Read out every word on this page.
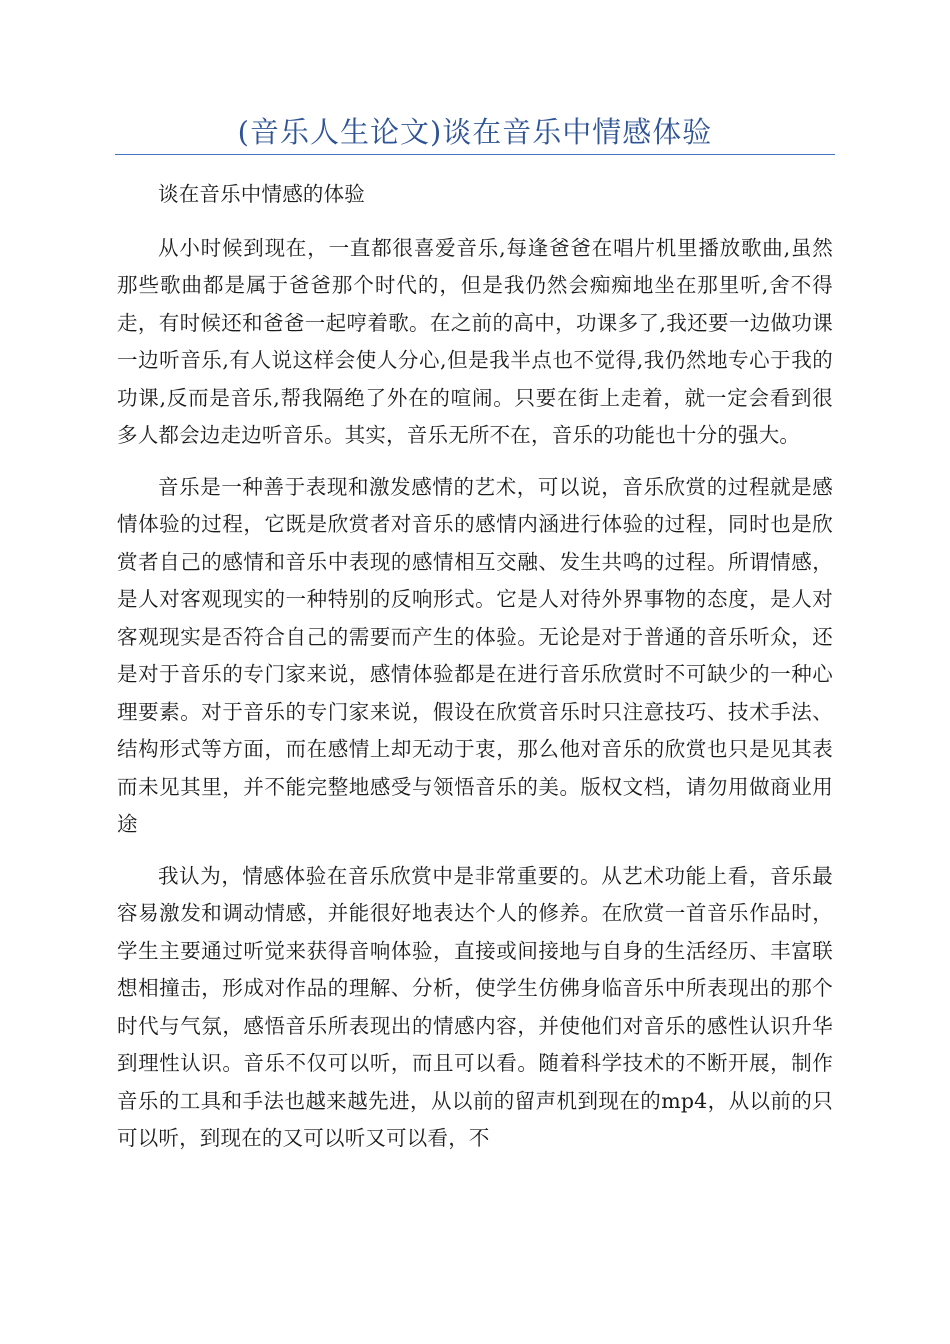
(音乐人生论文)谈在音乐中情感体验

谈在音乐中情感的体验

从小时候到现在，一直都很喜爱音乐,每逢爸爸在唱片机里播放歌曲,虽然那些歌曲都是属于爸爸那个时代的，但是我仍然会痴痴地坐在那里听,舍不得走，有时候还和爸爸一起哼着歌。在之前的高中，功课多了,我还要一边做功课一边听音乐,有人说这样会使人分心,但是我半点也不觉得,我仍然地专心于我的功课,反而是音乐,帮我隔绝了外在的喧闹。只要在街上走着，就一定会看到很多人都会边走边听音乐。其实，音乐无所不在，音乐的功能也十分的强大。

音乐是一种善于表现和激发感情的艺术，可以说，音乐欣赏的过程就是感情体验的过程，它既是欣赏者对音乐的感情内涵进行体验的过程，同时也是欣赏者自己的感情和音乐中表现的感情相互交融、发生共鸣的过程。所谓情感，是人对客观现实的一种特别的反响形式。它是人对待外界事物的态度，是人对客观现实是否符合自己的需要而产生的体验。无论是对于普通的音乐听众，还是对于音乐的专门家来说，感情体验都是在进行音乐欣赏时不可缺少的一种心理要素。对于音乐的专门家来说，假设在欣赏音乐时只注意技巧、技术手法、结构形式等方面，而在感情上却无动于衷，那么他对音乐的欣赏也只是见其表而未见其里，并不能完整地感受与领悟音乐的美。版权文档，请勿用做商业用途

我认为，情感体验在音乐欣赏中是非常重要的。从艺术功能上看，音乐最容易激发和调动情感，并能很好地表达个人的修养。在欣赏一首音乐作品时，学生主要通过听觉来获得音响体验，直接或间接地与自身的生活经历、丰富联想相撞击，形成对作品的理解、分析，使学生仿佛身临音乐中所表现出的那个时代与气氛，感悟音乐所表现出的情感内容，并使他们对音乐的感性认识升华到理性认识。音乐不仅可以听，而且可以看。随着科学技术的不断开展，制作音乐的工具和手法也越来越先进，从以前的留声机到现在的mp4，从以前的只可以听，到现在的又可以听又可以看，不
